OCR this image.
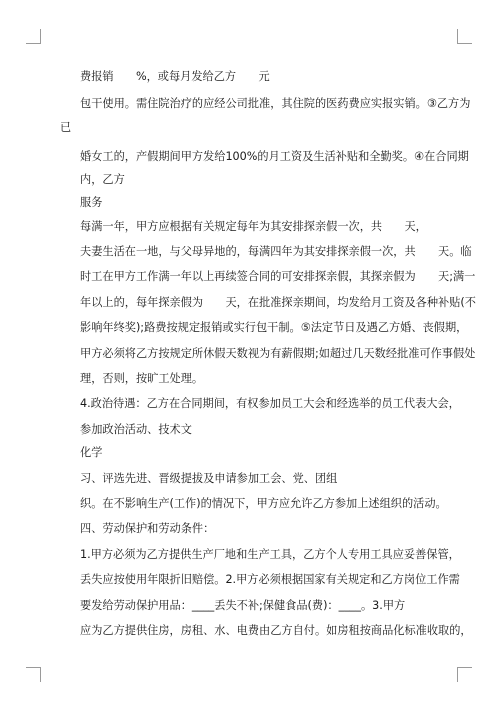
费报销　　%，或每月发给乙方　　元
包干使用。需住院治疗的应经公司批准，其住院的医药费应实报实销。③乙方为
已
婚女工的，产假期间甲方发给100%的月工资及生活补贴和全勤奖。④在合同期
内，乙方
服务
每满一年，甲方应根据有关规定每年为其安排探亲假一次，共　　天，
夫妻生活在一地，与父母异地的，每满四年为其安排探亲假一次，共　　天。临
时工在甲方工作满一年以上再续签合同的可安排探亲假，其探亲假为　　天;满一
年以上的，每年探亲假为　　天，在批准探亲期间，均发给月工资及各种补贴(不
影响年终奖);路费按规定报销或实行包干制。⑤法定节日及遇乙方婚、丧假期，
甲方必须将乙方按规定所休假天数视为有薪假期;如超过几天数经批准可作事假处
理，否则，按旷工处理。
4.政治待遇：乙方在合同期间，有权参加员工大会和经选举的员工代表大会，
参加政治活动、技术文
化学
习、评选先进、晋级提拔及申请参加工会、党、团组
织。在不影响生产(工作)的情况下，甲方应允许乙方参加上述组织的活动。
四、劳动保护和劳动条件：
1.甲方必须为乙方提供生产厂地和生产工具，乙方个人专用工具应妥善保管，
丢失应按使用年限折旧赔偿。2.甲方必须根据国家有关规定和乙方岗位工作需
要发给劳动保护用品：____丢失不补;保健食品(费)：____。3.甲方
应为乙方提供住房，房租、水、电费由乙方自付。如房租按商品化标准收取的，
